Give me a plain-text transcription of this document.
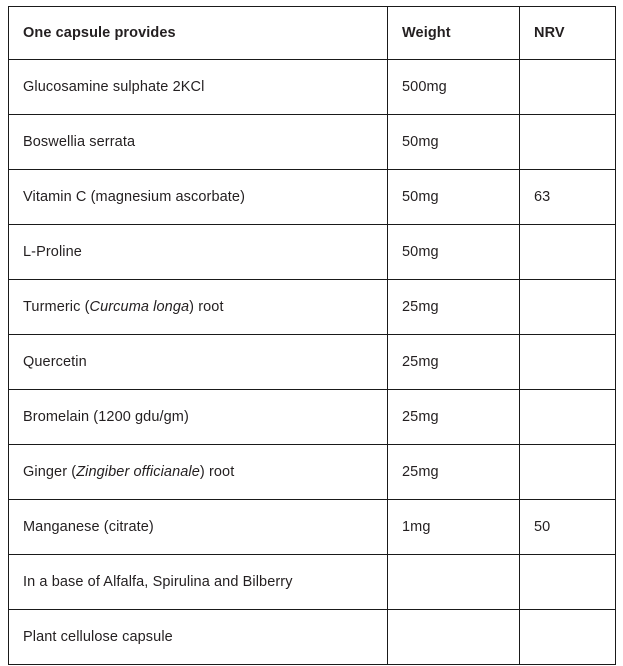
One capsule provides	Weight	NRV
Glucosamine sulphate 2KCl	500mg	
Boswellia serrata	50mg	
Vitamin C (magnesium ascorbate)	50mg	63
L-Proline	50mg	
Turmeric (Curcuma longa) root	25mg	
Quercetin	25mg	
Bromelain (1200 gdu/gm)	25mg	
Ginger (Zingiber officianale) root	25mg	
Manganese (citrate)	1mg	50
In a base of Alfalfa, Spirulina and Bilberry		
Plant cellulose capsule		
